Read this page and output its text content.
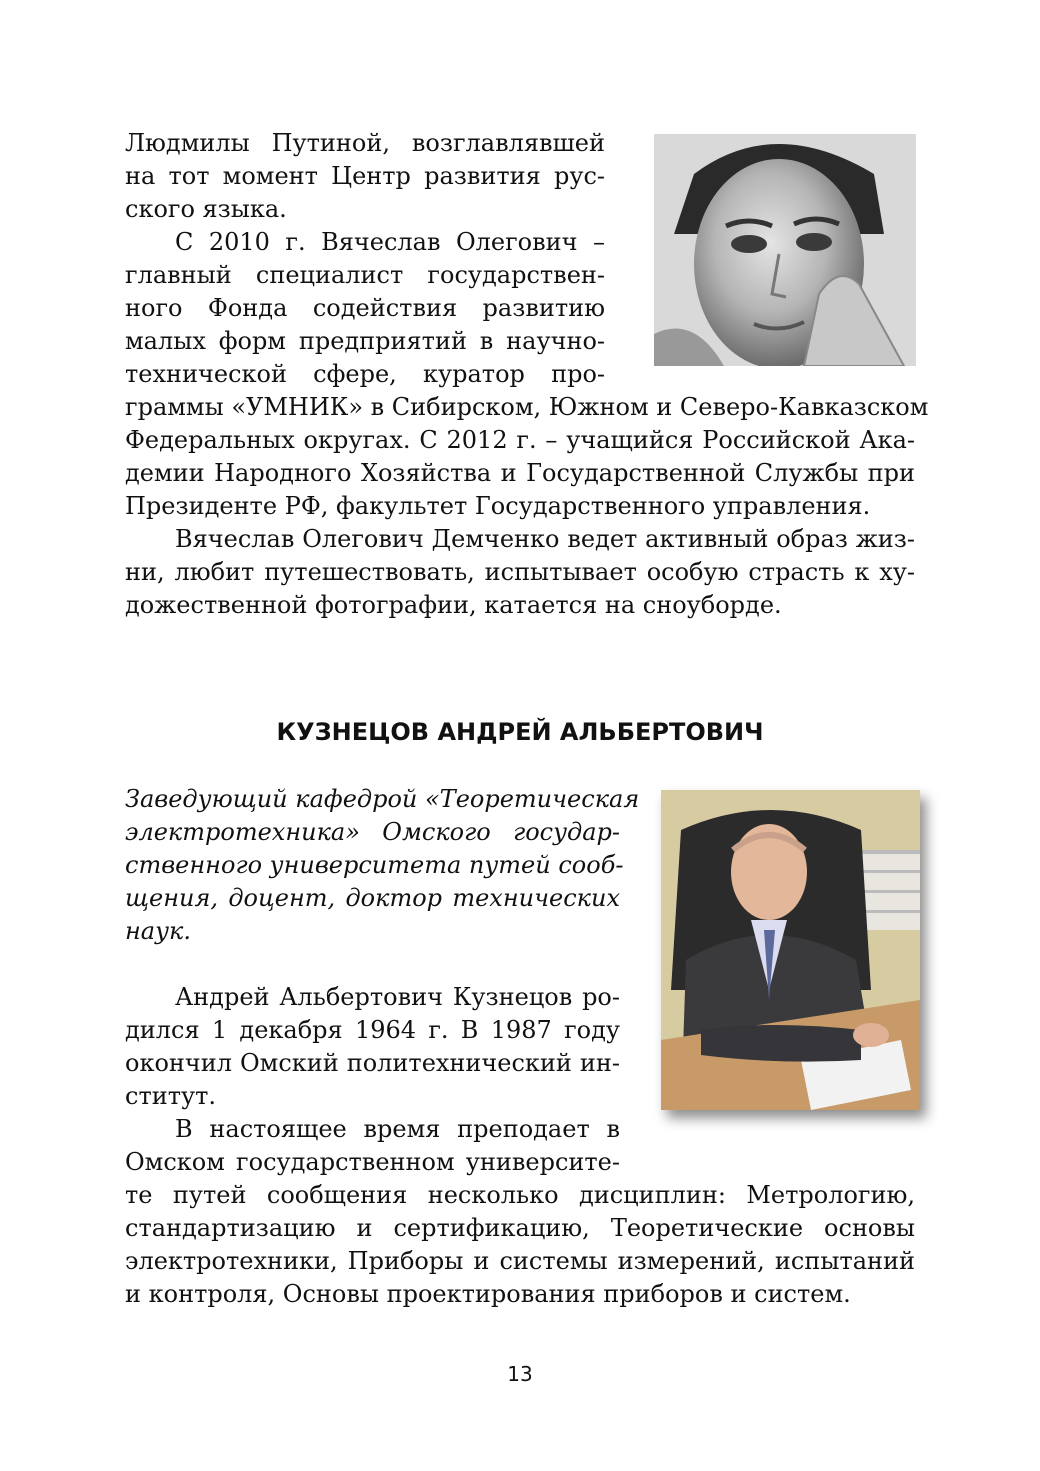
Людмилы Путиной, возглавлявшей
на тот момент Центр развития рус-
ского языка.
С 2010 г. Вячеслав Олегович –
главный специалист государствен-
ного Фонда содействия развитию
малых форм предприятий в научно-
технической сфере, куратор про-
граммы «УМНИК» в Сибирском, Южном и Северо-Кавказском
Федеральных округах. С 2012 г. – учащийся Российской Ака-
демии Народного Хозяйства и Государственной Службы при
Президенте РФ, факультет Государственного управления.
Вячеслав Олегович Демченко ведет активный образ жиз-
ни, любит путешествовать, испытывает особую страсть к ху-
дожественной фотографии, катается на сноуборде.
КУЗНЕЦОВ АНДРЕЙ АЛЬБЕРТОВИЧ
Заведующий кафедрой «Теоретическая
электротехника» Омского государ-
ственного университета путей сооб-
щения, доцент, доктор технических
наук.
Андрей Альбертович Кузнецов ро-
дился 1 декабря 1964 г. В 1987 году
окончил Омский политехнический ин-
ститут.
В настоящее время преподает в
Омском государственном университе-
те путей сообщения несколько дисциплин: Метрологию,
стандартизацию и сертификацию, Теоретические основы
электротехники, Приборы и системы измерений, испытаний
и контроля, Основы проектирования приборов и систем.
13
